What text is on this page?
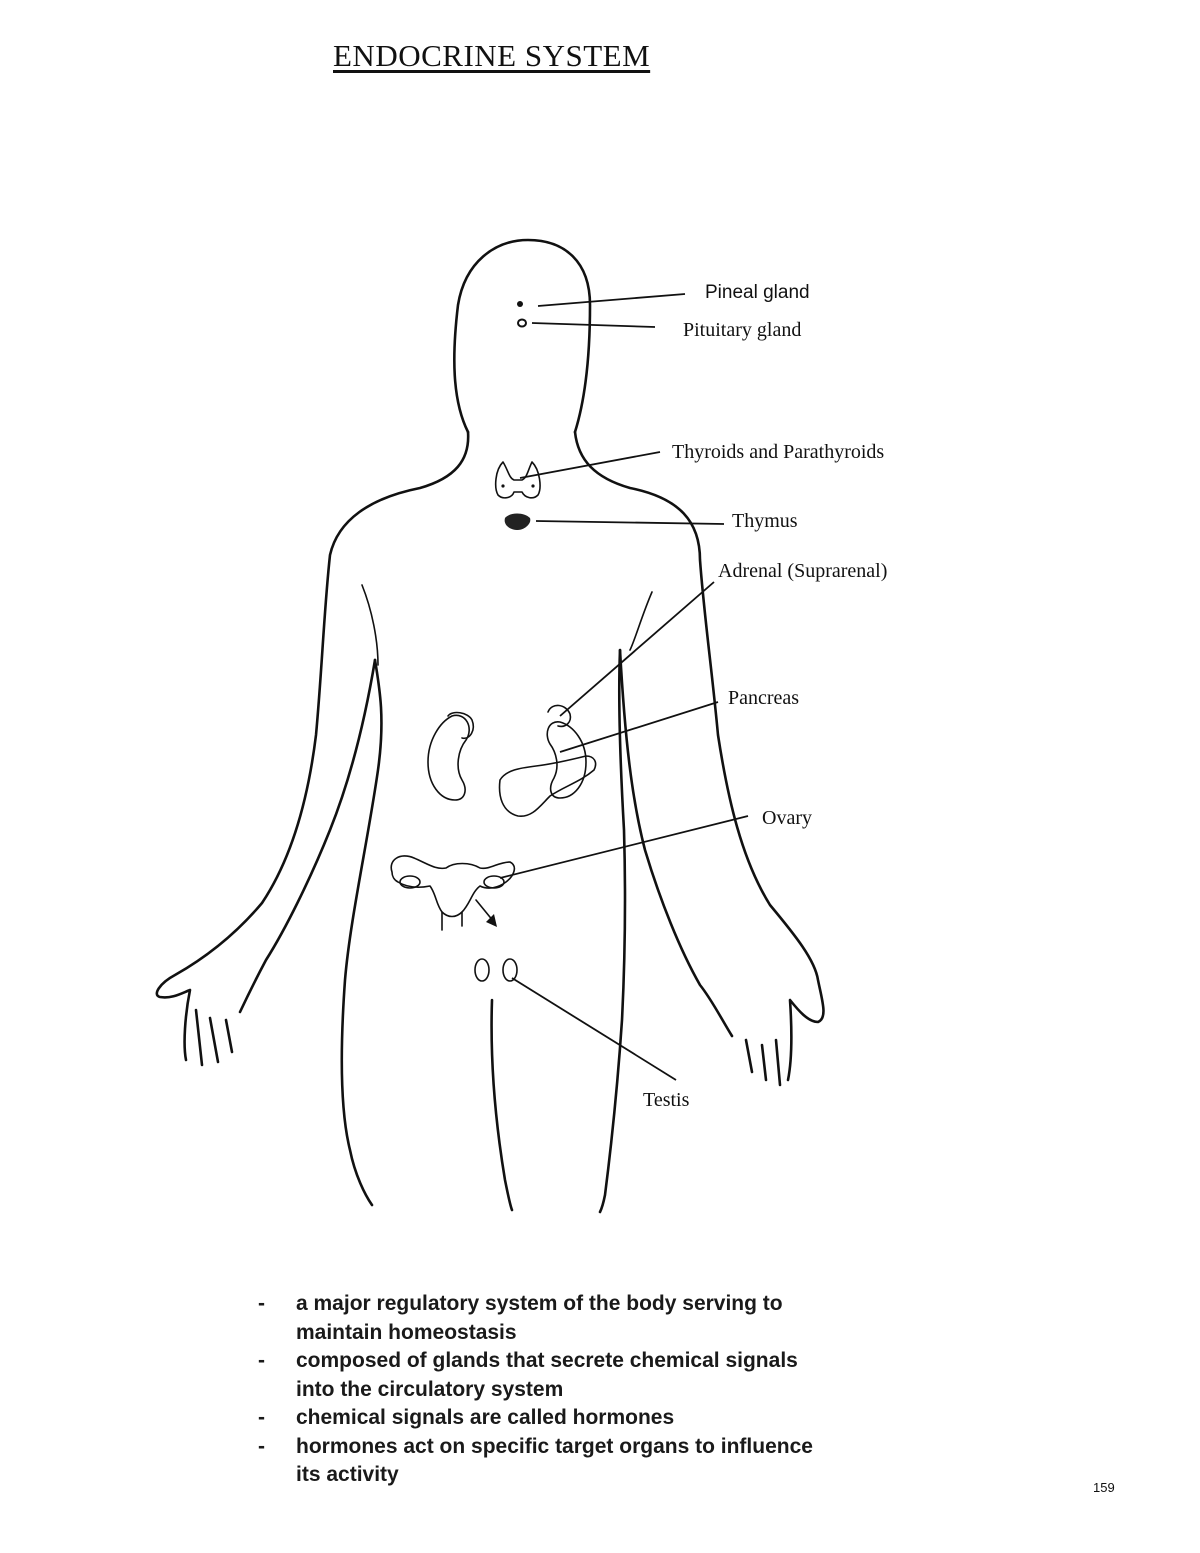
ENDOCRINE SYSTEM
Pineal gland
Pituitary gland
Thyroids and Parathyroids
Thymus
Adrenal (Suprarenal)
Pancreas
Ovary
Testis
- a major regulatory system of the body serving to maintain homeostasis
- composed of glands that secrete chemical signals into the circulatory system
- chemical signals are called hormones
- hormones act on specific target organs to influence its activity
159
